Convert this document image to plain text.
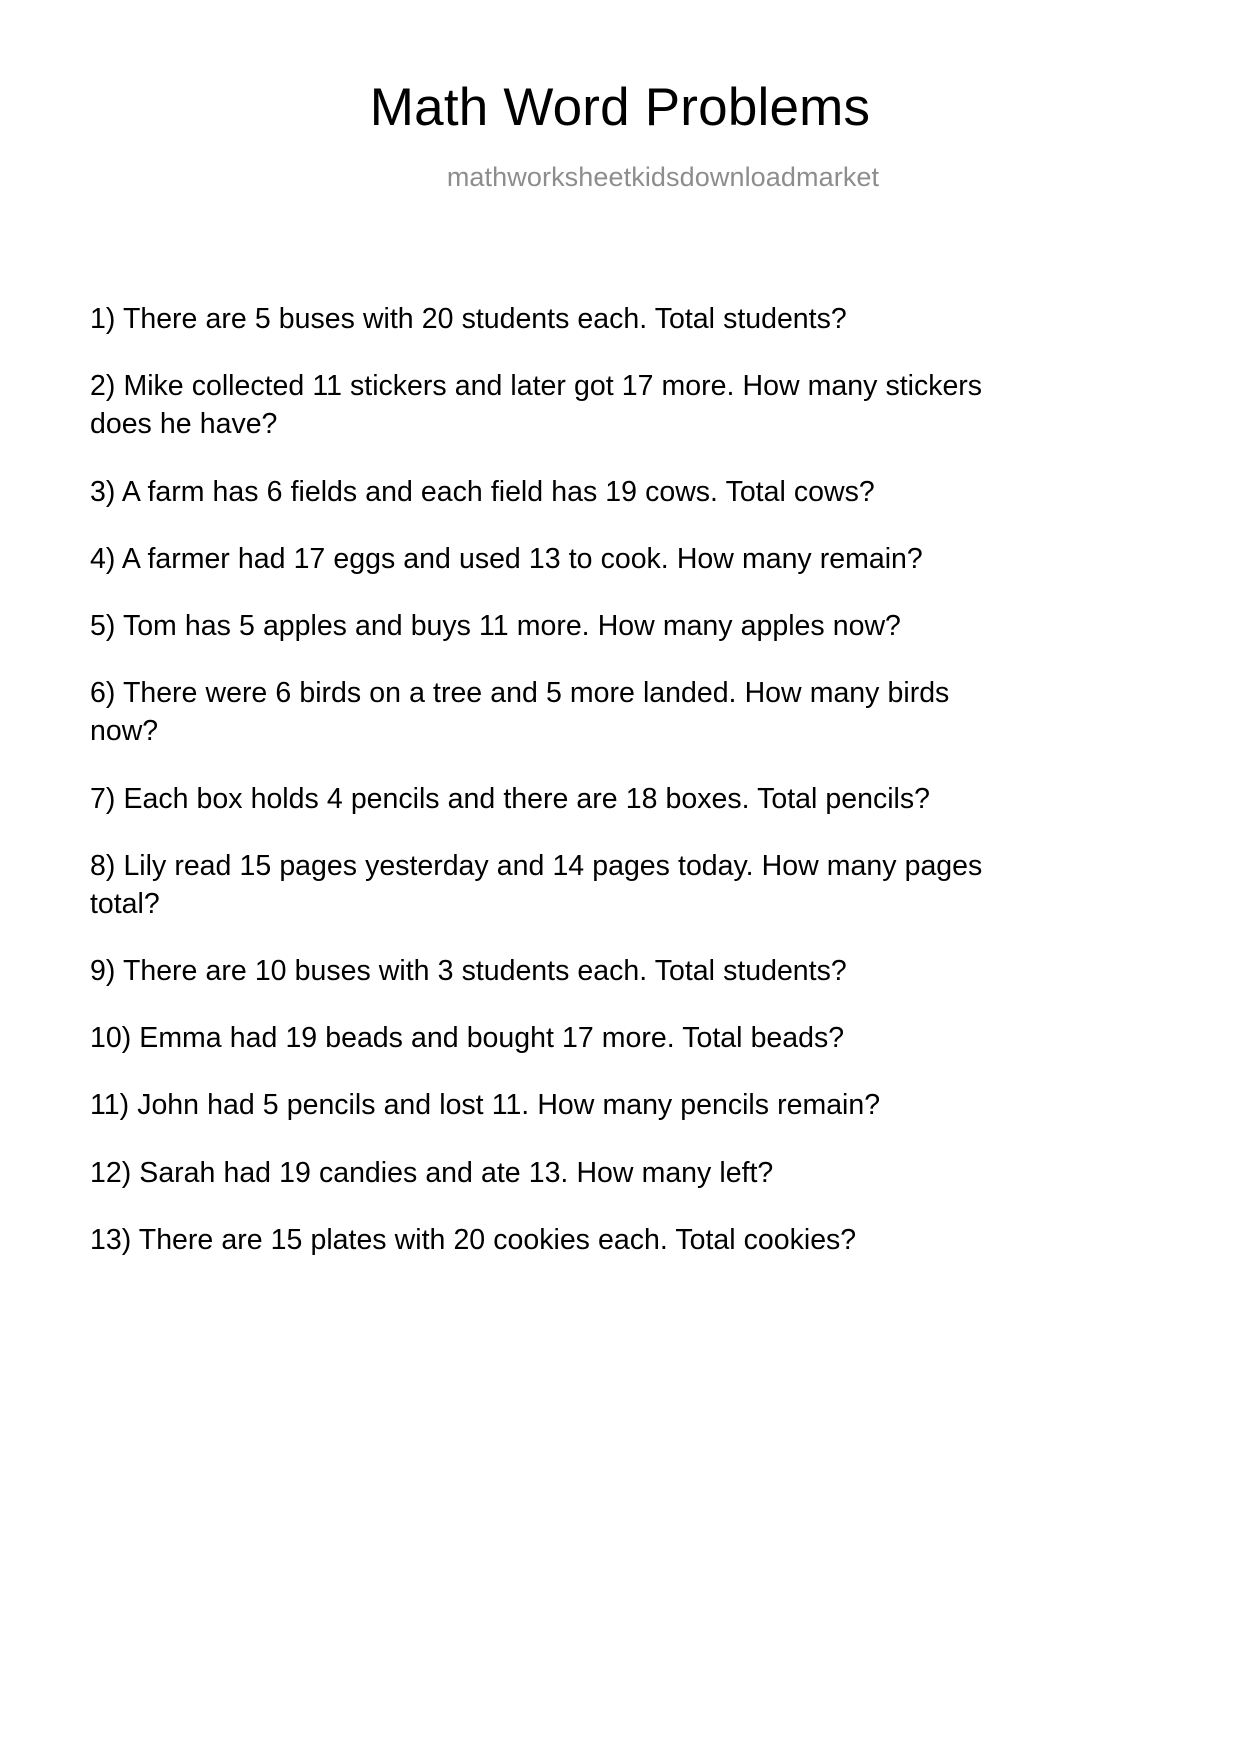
Math Word Problems
mathworksheetkidsdownloadmarket

1) There are 5 buses with 20 students each. Total students?

2) Mike collected 11 stickers and later got 17 more. How many stickers does he have?

3) A farm has 6 fields and each field has 19 cows. Total cows?

4) A farmer had 17 eggs and used 13 to cook. How many remain?

5) Tom has 5 apples and buys 11 more. How many apples now?

6) There were 6 birds on a tree and 5 more landed. How many birds now?

7) Each box holds 4 pencils and there are 18 boxes. Total pencils?

8) Lily read 15 pages yesterday and 14 pages today. How many pages total?

9) There are 10 buses with 3 students each. Total students?

10) Emma had 19 beads and bought 17 more. Total beads?

11) John had 5 pencils and lost 11. How many pencils remain?

12) Sarah had 19 candies and ate 13. How many left?

13) There are 15 plates with 20 cookies each. Total cookies?
